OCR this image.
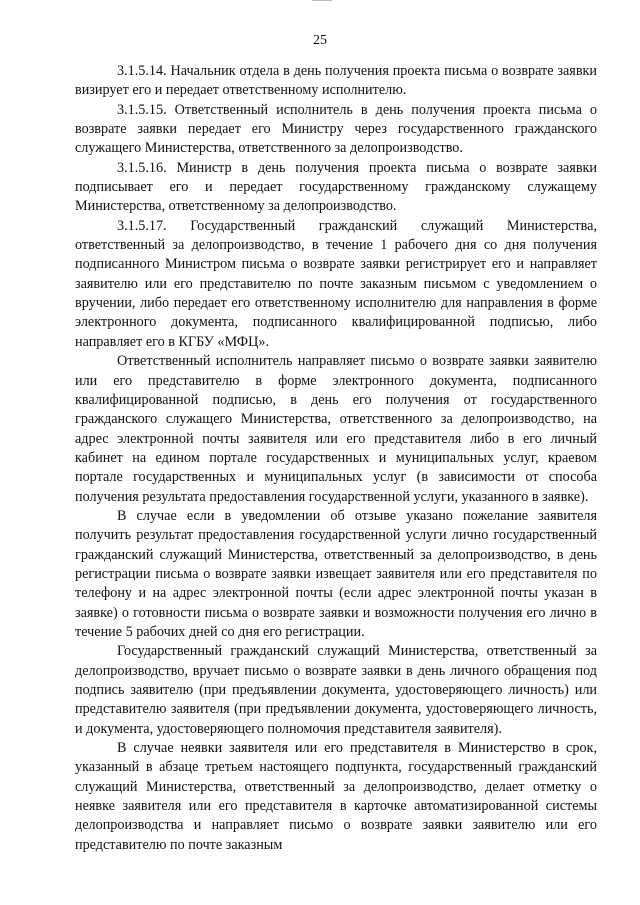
25

3.1.5.14. Начальник отдела в день получения проекта письма о возврате заявки визирует его и передает ответственному исполнителю.

3.1.5.15. Ответственный исполнитель в день получения проекта письма о возврате заявки передает его Министру через государственного гражданского служащего Министерства, ответственного за делопроизводство.

3.1.5.16. Министр в день получения проекта письма о возврате заявки подписывает его и передает государственному гражданскому служащему Министерства, ответственному за делопроизводство.

3.1.5.17. Государственный гражданский служащий Министерства, ответственный за делопроизводство, в течение 1 рабочего дня со дня получения подписанного Министром письма о возврате заявки регистрирует его и направляет заявителю или его представителю по почте заказным письмом с уведомлением о вручении, либо передает его ответственному исполнителю для направления в форме электронного документа, подписанного квалифицированной подписью, либо направляет его в КГБУ «МФЦ».

Ответственный исполнитель направляет письмо о возврате заявки заявителю или его представителю в форме электронного документа, подписанного квалифицированной подписью, в день его получения от государственного гражданского служащего Министерства, ответственного за делопроизводство, на адрес электронной почты заявителя или его представителя либо в его личный кабинет на едином портале государственных и муниципальных услуг, краевом портале государственных и муниципальных услуг (в зависимости от способа получения результата предоставления государственной услуги, указанного в заявке).

В случае если в уведомлении об отзыве указано пожелание заявителя получить результат предоставления государственной услуги лично государственный гражданский служащий Министерства, ответственный за делопроизводство, в день регистрации письма о возврате заявки извещает заявителя или его представителя по телефону и на адрес электронной почты (если адрес электронной почты указан в заявке) о готовности письма о возврате заявки и возможности получения его лично в течение 5 рабочих дней со дня его регистрации.

Государственный гражданский служащий Министерства, ответственный за делопроизводство, вручает письмо о возврате заявки в день личного обращения под подпись заявителю (при предъявлении документа, удостоверяющего личность) или представителю заявителя (при предъявлении документа, удостоверяющего личность, и документа, удостоверяющего полномочия представителя заявителя).

В случае неявки заявителя или его представителя в Министерство в срок, указанный в абзаце третьем настоящего подпункта, государственный гражданский служащий Министерства, ответственный за делопроизводство, делает отметку о неявке заявителя или его представителя в карточке автоматизированной системы делопроизводства и направляет письмо о возврате заявки заявителю или его представителю по почте заказным
